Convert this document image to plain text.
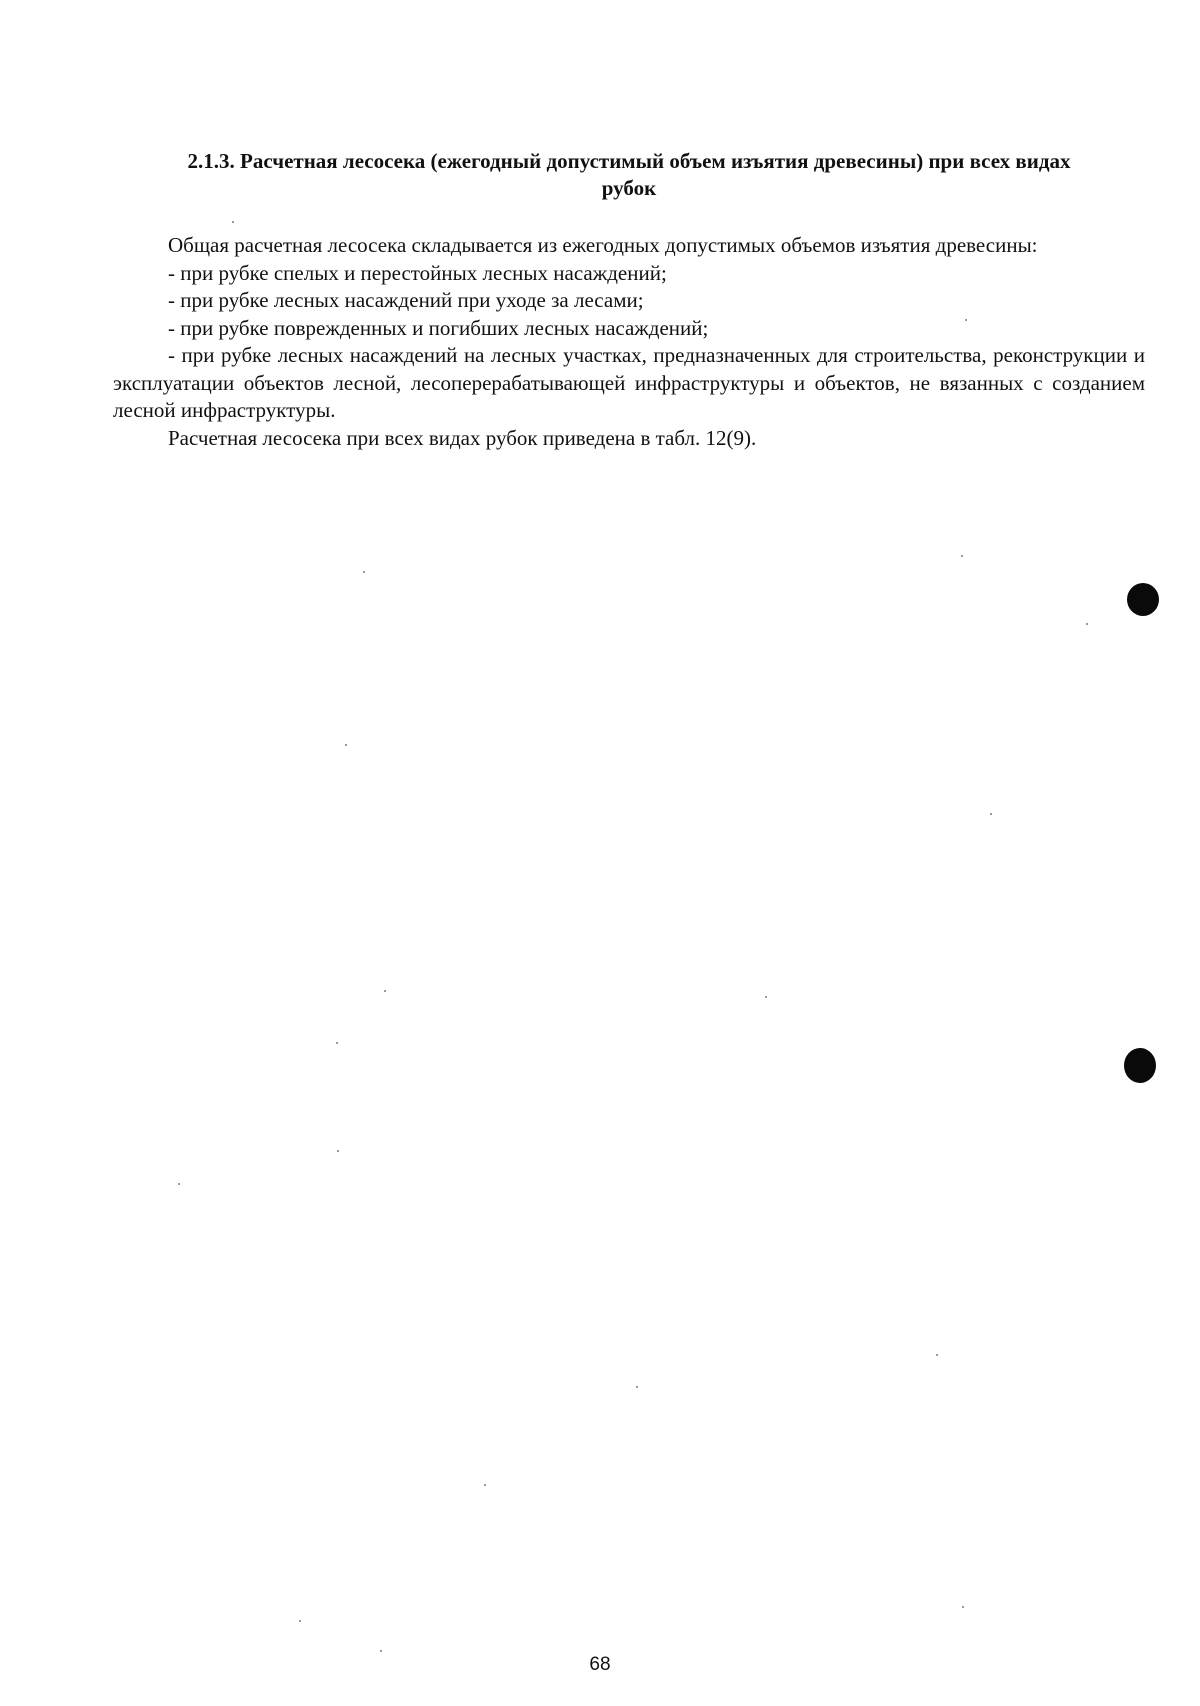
2.1.3. Расчетная лесосека (ежегодный допустимый объем изъятия древесины) при всех видах
рубок

Общая расчетная лесосека складывается из ежегодных допустимых объемов изъятия древесины:

- при рубке спелых и перестойных лесных насаждений;

- при рубке лесных насаждений при уходе за лесами;

- при рубке поврежденных и погибших лесных насаждений;

- при рубке лесных насаждений на лесных участках, предназначенных для строительства, реконструкции и эксплуатации объектов лесной, лесоперерабатывающей инфраструктуры и объектов, не вязанных с созданием лесной инфраструктуры.

Расчетная лесосека при всех видах рубок приведена в табл. 12(9).

68
